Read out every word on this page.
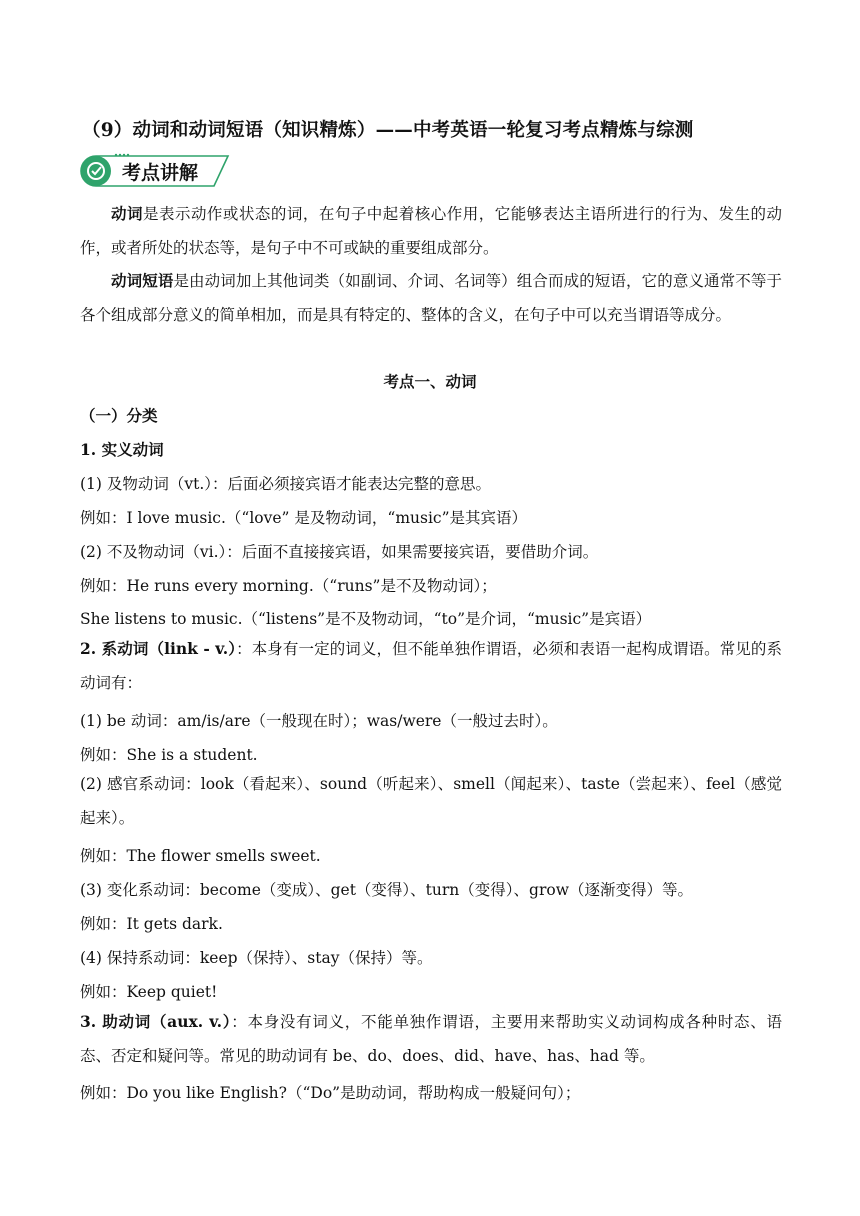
（9）动词和动词短语（知识精炼）——中考英语一轮复习考点精炼与综测
考点讲解
动词是表示动作或状态的词，在句子中起着核心作用，它能够表达主语所进行的行为、发生的动作，或者所处的状态等，是句子中不可或缺的重要组成部分。
动词短语是由动词加上其他词类（如副词、介词、名词等）组合而成的短语，它的意义通常不等于各个组成部分意义的简单相加，而是具有特定的、整体的含义，在句子中可以充当谓语等成分。
考点一、动词
（一）分类
1. 实义动词
(1) 及物动词（vt.）：后面必须接宾语才能表达完整的意思。
例如：I love music.（“love” 是及物动词，“music”是其宾语）
(2) 不及物动词（vi.）：后面不直接接宾语，如果需要接宾语，要借助介词。
例如：He runs every morning.（“runs”是不及物动词）；
She listens to music.（“listens”是不及物动词，“to”是介词，“music”是宾语）
2. 系动词（link - v.）：本身有一定的词义，但不能单独作谓语，必须和表语一起构成谓语。常见的系动词有：
(1) be 动词：am/is/are（一般现在时）；was/were（一般过去时）。
例如：She is a student.
(2) 感官系动词：look（看起来）、sound（听起来）、smell（闻起来）、taste（尝起来）、feel（感觉起来）。
例如：The flower smells sweet.
(3) 变化系动词：become（变成）、get（变得）、turn（变得）、grow（逐渐变得）等。
例如：It gets dark.
(4) 保持系动词：keep（保持）、stay（保持）等。
例如：Keep quiet!
3. 助动词（aux. v.）：本身没有词义，不能单独作谓语，主要用来帮助实义动词构成各种时态、语态、否定和疑问等。常见的助动词有 be、do、does、did、have、has、had 等。
例如：Do you like English?（“Do”是助动词，帮助构成一般疑问句）；
